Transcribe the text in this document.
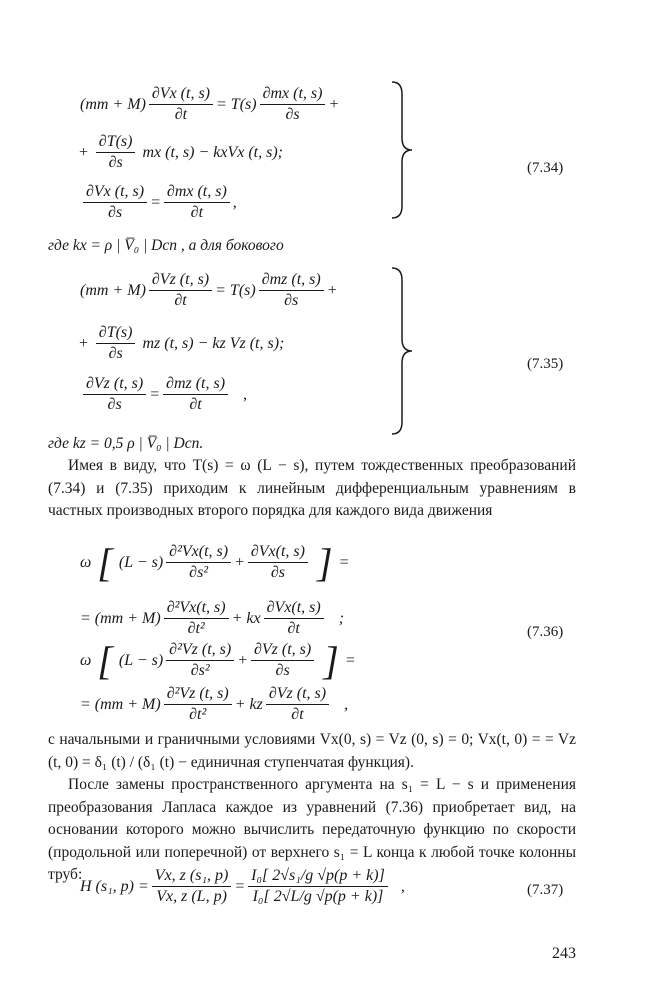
$(mт + M) \frac{\partial Vx (t, s)}{\partial t}$ =
$T(s) \frac{\partial mx (t, s)}{\partial s}$ +
+
$\frac{\partial T(s)}{\partial s}$
mx (t, s) − kxVx (t, s);
$\frac{\partial Vx (t, s)}{\partial s} = \frac{\partial mx (t, s)}{\partial t}$ ,
(7.34)
где kx = ρ | V̅₀ | Dcn , а для бокового
$(mт + M) \frac{\partial Vz (t, s)}{\partial t}$ =
$T(s) \frac{\partial mz (t, s)}{\partial s}$ +
+
$\frac{\partial T(s)}{\partial s}$
mz (t, s) − kz Vz (t, s);
$\frac{\partial Vz (t, s)}{\partial s} = \frac{\partial mz (t, s)}{\partial t}$ ,
(7.35)
где kz = 0,5 ρ | V̅₀ | Dcn.
Имея в виду, что T(s) = ω (L − s), путем тождественных преобразований (7.34) и (7.35) приходим к линейным дифференциальным уравнениям в частных производных второго порядка для каждого вида движения
ω [ $(L - s) \frac{\text{∂²Vx(t, s)}}{\text{∂s²}} + \frac{\partial Vx(t, s)}{\partial s}$ ] =
= $(mт + M) \frac{\text{∂²Vx(t, s)}}{\text{∂t²}}$ + kx $\frac{\partial Vx(t, s)}{\partial t}$ ;
ω [ $(L - s) \frac{\text{∂²Vz (t, s)}}{\text{∂s²}} + \frac{\partial Vz (t, s)}{\partial s}$ ] =
= $(mт + M) \frac{\text{∂²Vz (t, s)}}{\text{∂t²}}$ + kz $\frac{\partial Vz (t, s)}{\partial t}$ ,
(7.36)
с начальными и граничными условиями Vx(0, s) = Vz (0, s) = 0; Vx(t, 0) = = Vz (t, 0) = δ₁ (t) / (δ₁ (t) − единичная ступенчатая функция).
После замены пространственного аргумента на s₁ = L − s и применения преобразования Лапласа каждое из уравнений (7.36) приобретает вид, на основании которого можно вычислить передаточную функцию по скорости (продольной или поперечной) от верхнего s₁ = L конца к любой точке колонны труб:
H (s₁, $p) = \frac{\text{Vx, z (s₁, p)}}{Vx, z (L, p)} = \frac{\text{I₀[ 2√s₁/g √p(p + k)]}}{\text{I₀[ 2√L/g √p(p + k)]}}$ ,	(7.37)
243
